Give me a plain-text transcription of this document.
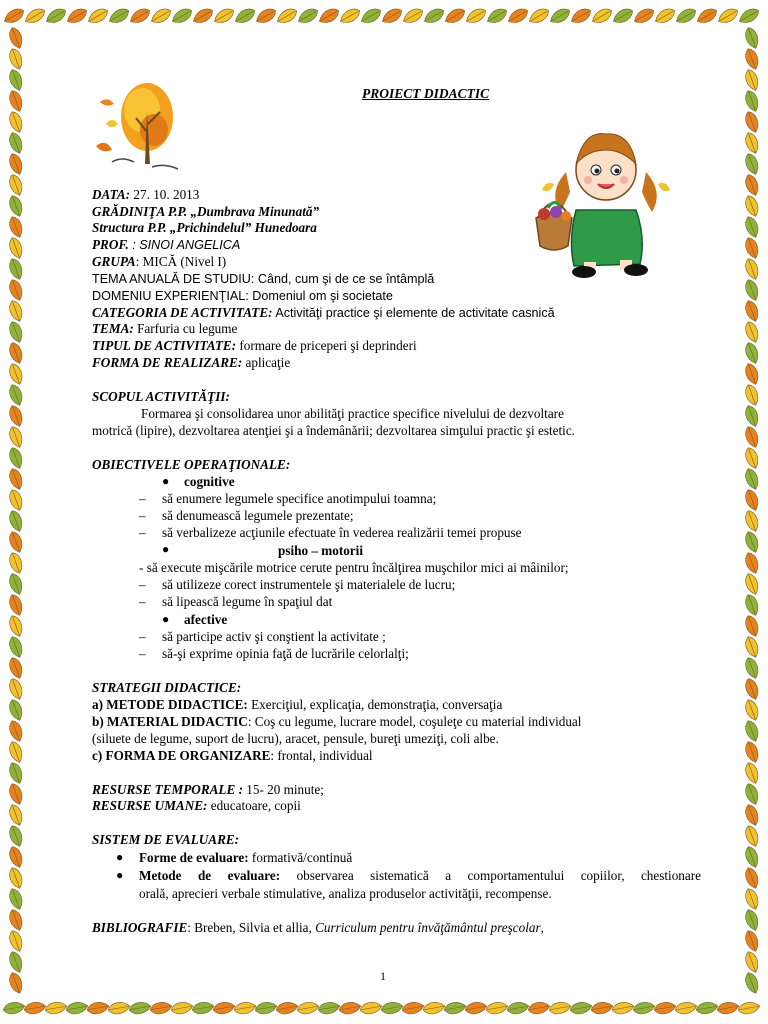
PROIECT DIDACTIC
DATA: 27. 10. 2013
GRĂDINIŢA P.P. „Dumbrava Minunată”
Structura P.P. „Prichindelul” Hunedoara
PROF. : SINOI ANGELICA
GRUPA: MICĂ (Nivel I)
TEMA ANUALĂ DE STUDIU: Când, cum şi de ce se întâmplă
DOMENIU EXPERIENŢIAL: Domeniul om şi societate
CATEGORIA DE ACTIVITATE: Activităţi practice şi elemente de activitate casnică
TEMA: Farfuria cu legume
TIPUL DE ACTIVITATE: formare de priceperi şi deprinderi
FORMA DE REALIZARE: aplicaţie
SCOPUL ACTIVITĂŢII:
Formarea şi consolidarea unor abilităţi practice specifice nivelului de dezvoltare
motrică (lipire), dezvoltarea atenţiei şi a îndemânării; dezvoltarea simţului practic şi estetic.
OBIECTIVELE OPERAŢIONALE:
● cognitive
– să enumere legumele specifice anotimpului toamna;
– să denumească legumele prezentate;
– să verbalizeze acţiunile efectuate în vederea realizării temei propuse
●	psiho – motorii
- să execute mişcările motrice cerute pentru încălţirea muşchilor mici ai mâinilor;
– să utilizeze corect instrumentele şi materialele de lucru;
– să lipească legume în spaţiul dat
● afective
– să participe activ şi conştient la activitate ;
– să-şi exprime opinia faţă de lucrările celorlalţi;
STRATEGII DIDACTICE:
a) METODE DIDACTICE: Exerciţiul, explicaţia, demonstraţia, conversaţia
b) MATERIAL DIDACTIC: Coş cu legume, lucrare model, coşuleţe cu material individual
(siluete de legume, suport de lucru), aracet, pensule, bureţi umeziţi, coli albe.
c) FORMA DE ORGANIZARE: frontal, individual
RESURSE TEMPORALE : 15- 20 minute;
RESURSE UMANE: educatoare, copii
SISTEM DE EVALUARE:
● Forme de evaluare: formativă/continuă
● Metode de evaluare: observarea sistematică a comportamentului copiilor, chestionare
orală, aprecieri verbale stimulative, analiza produselor activităţii, recompense.
BIBLIOGRAFIE: Breben, Silvia et allia, Curriculum pentru învăţământul preşcolar,
1
